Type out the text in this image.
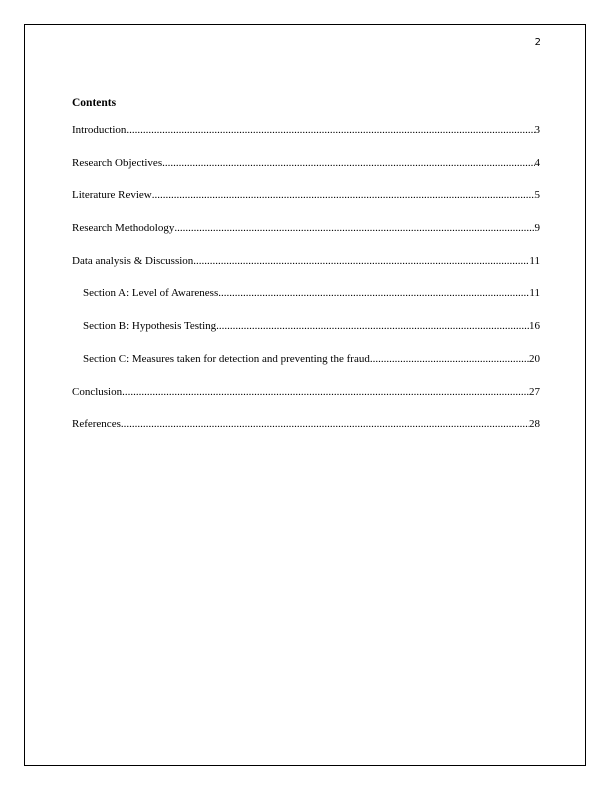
2
Contents
Introduction .....	3
Research Objectives .....	4
Literature Review .....	5
Research Methodology .....	9
Data analysis & Discussion .....	11
Section A: Level of Awareness .....	11
Section B: Hypothesis Testing .....	16
Section C: Measures taken for detection and preventing the fraud .....	20
Conclusion .....	27
References .....	28
